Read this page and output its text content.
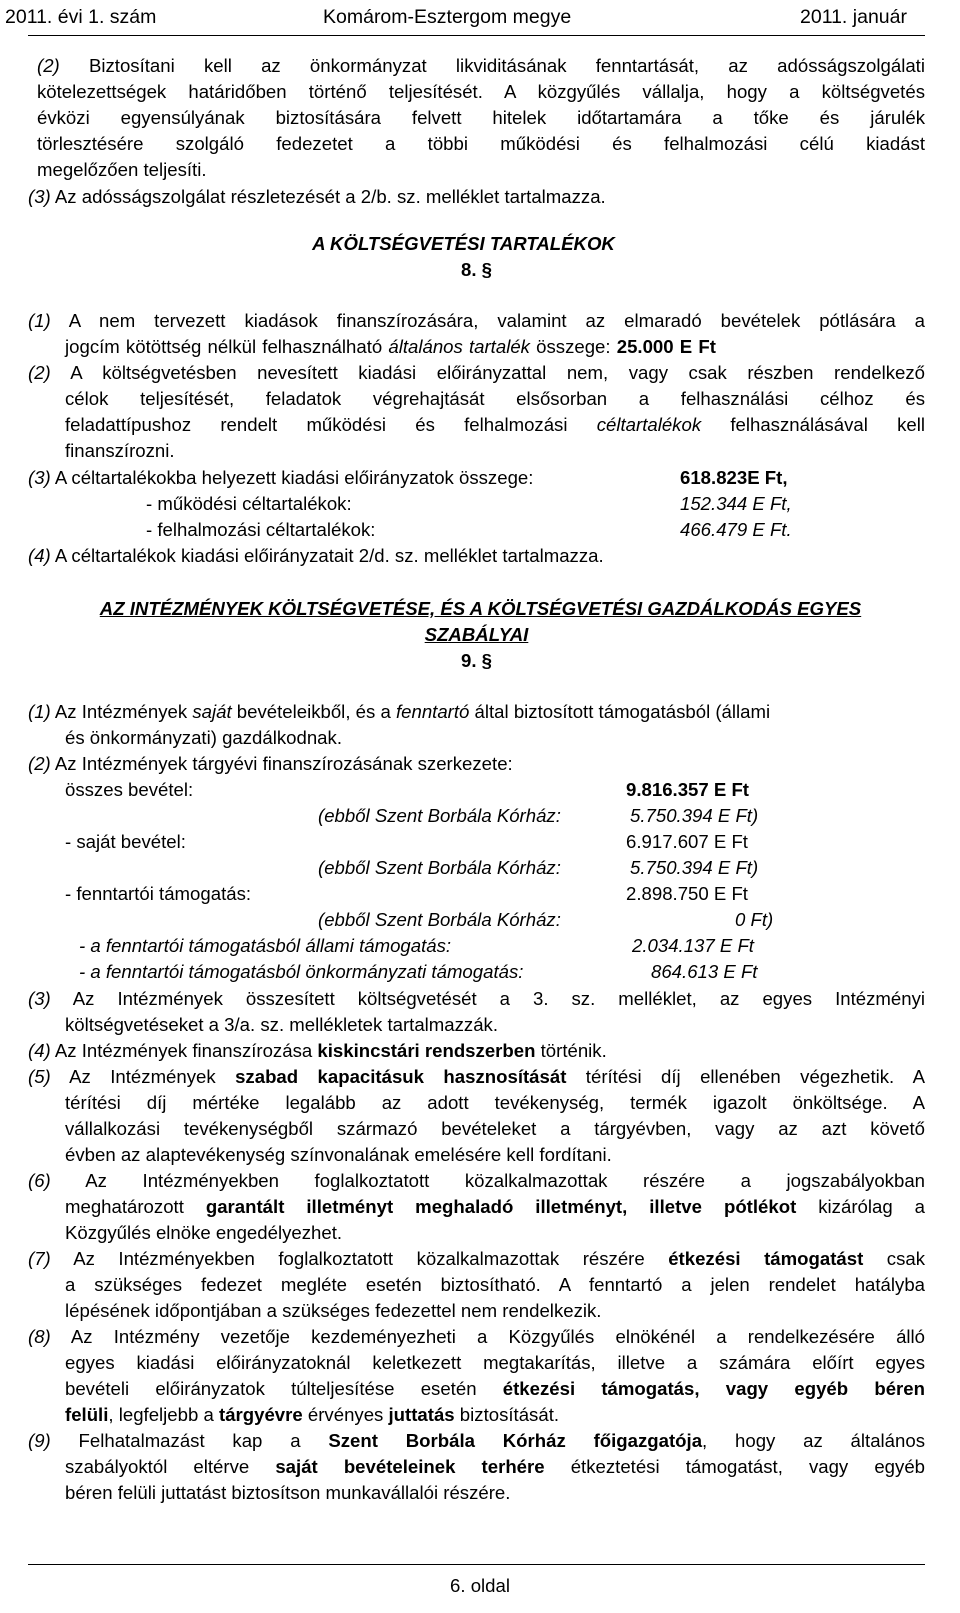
2011. évi 1. szám	Komárom-Esztergom megye	2011. január
(2) Biztosítani kell az önkormányzat likviditásának fenntartását, az adósságszolgálati
kötelezettségek határidőben történő teljesítését. A közgyűlés vállalja, hogy a költségvetés
évközi egyensúlyának biztosítására felvett hitelek időtartamára a tőke és járulék
törlesztésére szolgáló fedezetet a többi működési és felhalmozási célú kiadást
megelőzően teljesíti.
(3) Az adósságszolgálat részletezését a 2/b. sz. melléklet tartalmazza.
A KÖLTSÉGVETÉSI TARTALÉKOK
8. §
(1) A nem tervezett kiadások finanszírozására, valamint az elmaradó bevételek pótlására a
jogcím kötöttség nélkül felhasználható általános tartalék összege: 25.000 E Ft
(2) A költségvetésben nevesített kiadási előirányzattal nem, vagy csak részben rendelkező
célok teljesítését, feladatok végrehajtását elsősorban a felhasználási célhoz és
feladattípushoz rendelt működési és felhalmozási céltartalékok felhasználásával kell
finanszírozni.
(3) A céltartalékokba helyezett kiadási előirányzatok összege:	618.823E Ft,
- működési céltartalékok:	152.344 E Ft,
- felhalmozási céltartalékok:	466.479 E Ft.
(4) A céltartalékok kiadási előirányzatait 2/d. sz. melléklet tartalmazza.
AZ INTÉZMÉNYEK KÖLTSÉGVETÉSE, ÉS A KÖLTSÉGVETÉSI GAZDÁLKODÁS EGYES
SZABÁLYAI
9. §
(1) Az Intézmények saját bevételeikből, és a fenntartó által biztosított támogatásból (állami
és önkormányzati) gazdálkodnak.
(2) Az Intézmények tárgyévi finanszírozásának szerkezete:
összes bevétel:	9.816.357 E Ft
(ebből Szent Borbála Kórház:	5.750.394 E Ft)
- saját bevétel:	6.917.607 E Ft
(ebből Szent Borbála Kórház:	5.750.394 E Ft)
- fenntartói támogatás:	2.898.750 E Ft
(ebből Szent Borbála Kórház:	0 Ft)
- a fenntartói támogatásból állami támogatás:	2.034.137 E Ft
- a fenntartói támogatásból önkormányzati támogatás:	864.613 E Ft
(3) Az Intézmények összesített költségvetését a 3. sz. melléklet, az egyes Intézményi
költségvetéseket a 3/a. sz. mellékletek tartalmazzák.
(4) Az Intézmények finanszírozása kiskincstári rendszerben történik.
(5) Az Intézmények szabad kapacitásuk hasznosítását térítési díj ellenében végezhetik. A
térítési díj mértéke legalább az adott tevékenység, termék igazolt önköltsége. A
vállalkozási tevékenységből származó bevételeket a tárgyévben, vagy az azt követő
évben az alaptevékenység színvonalának emelésére kell fordítani.
(6) Az Intézményekben foglalkoztatott közalkalmazottak részére a jogszabályokban
meghatározott garantált illetményt meghaladó illetményt, illetve pótlékot kizárólag a
Közgyűlés elnöke engedélyezhet.
(7) Az Intézményekben foglalkoztatott közalkalmazottak részére étkezési támogatást csak
a szükséges fedezet megléte esetén biztosítható. A fenntartó a jelen rendelet hatályba
lépésének időpontjában a szükséges fedezettel nem rendelkezik.
(8) Az Intézmény vezetője kezdeményezheti a Közgyűlés elnökénél a rendelkezésére álló
egyes kiadási előirányzatoknál keletkezett megtakarítás, illetve a számára előírt egyes
bevételi előirányzatok túlteljesítése esetén étkezési támogatás, vagy egyéb béren
felüli, legfeljebb a tárgyévre érvényes juttatás biztosítását.
(9) Felhatalmazást kap a Szent Borbála Kórház főigazgatója, hogy az általános
szabályoktól eltérve saját bevételeinek terhére étkeztetési támogatást, vagy egyéb
béren felüli juttatást biztosítson munkavállalói részére.
6. oldal
